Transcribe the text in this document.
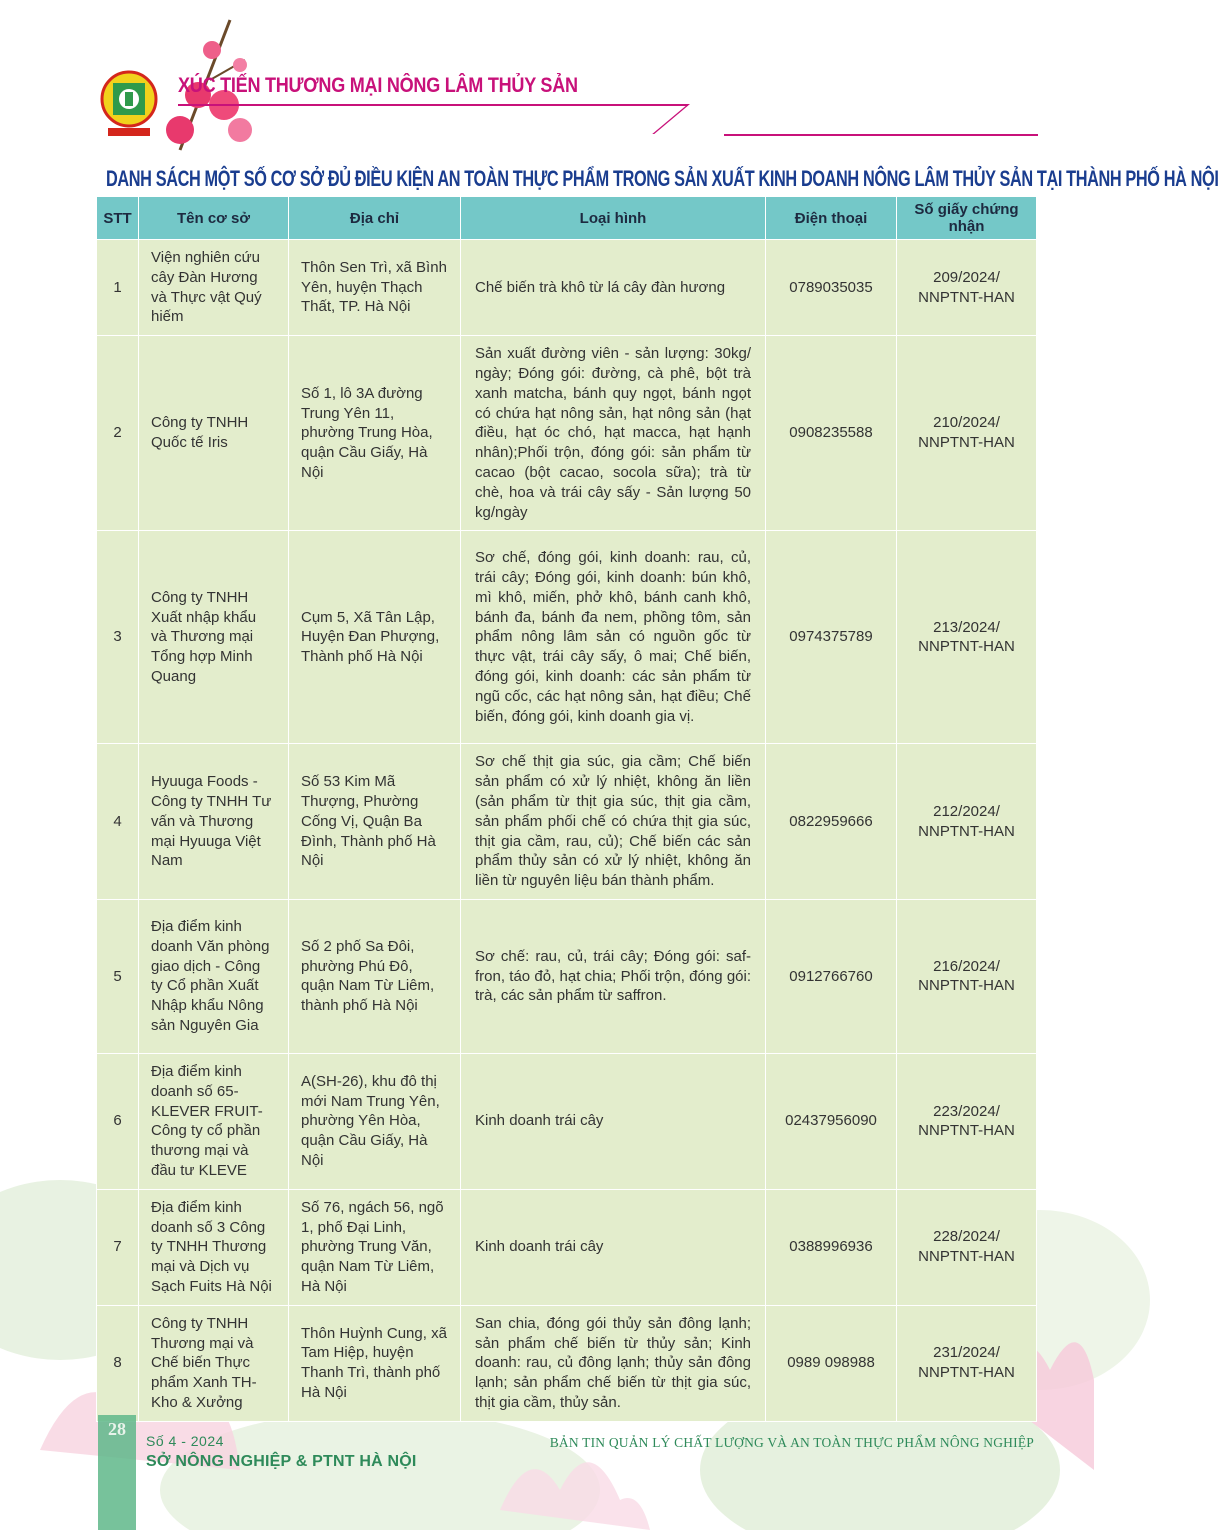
XÚC TIẾN THƯƠNG MẠI NÔNG LÂM THỦY SẢN
DANH SÁCH MỘT SỐ CƠ SỞ ĐỦ ĐIỀU KIỆN AN TOÀN THỰC PHẨM TRONG SẢN XUẤT KINH DOANH NÔNG LÂM THỦY SẢN TẠI THÀNH PHỐ HÀ NỘI
STT	Tên cơ sở	Địa chỉ	Loại hình	Điện thoại	Số giấy chứng nhận
1	Viện nghiên cứu cây Đàn Hương và Thực vật Quý hiếm	Thôn Sen Trì, xã Bình Yên, huyện Thạch Thất, TP. Hà Nội	Chế biến trà khô từ lá cây đàn hương	0789035035	209/2024/ NNPTNT-HAN
2	Công ty TNHH Quốc tế Iris	Số 1, lô 3A đường Trung Yên 11, phường Trung Hòa, quận Cầu Giấy, Hà Nội	Sản xuất đường viên - sản lượng: 30kg/ ngày; Đóng gói: đường, cà phê, bột trà xanh matcha, bánh quy ngọt, bánh ngọt có chứa hạt nông sản, hạt nông sản (hạt điều, hạt óc chó, hạt macca, hạt hạnh nhân);Phối trộn, đóng gói: sản phẩm từ cacao (bột cacao, socola sữa); trà từ chè, hoa và trái cây sấy - Sản lượng 50 kg/ngày	0908235588	210/2024/ NNPTNT-HAN
3	Công ty TNHH Xuất nhập khẩu và Thương mại Tổng hợp Minh Quang	Cụm 5, Xã Tân Lập, Huyện Đan Phượng, Thành phố Hà Nội	Sơ chế, đóng gói, kinh doanh: rau, củ, trái cây; Đóng gói, kinh doanh: bún khô, mì khô, miến, phở khô, bánh canh khô, bánh đa, bánh đa nem, phồng tôm, sản phẩm nông lâm sản có nguồn gốc từ thực vật, trái cây sấy, ô mai; Chế biến, đóng gói, kinh doanh: các sản phẩm từ ngũ cốc, các hạt nông sản, hạt điều; Chế biến, đóng gói, kinh doanh gia vị.	0974375789	213/2024/ NNPTNT-HAN
4	Hyuuga Foods - Công ty TNHH Tư vấn và Thương mại Hyuuga Việt Nam	Số 53 Kim Mã Thượng, Phường Cống Vị, Quận Ba Đình, Thành phố Hà Nội	Sơ chế thịt gia súc, gia cầm; Chế biến sản phẩm có xử lý nhiệt, không ăn liền (sản phẩm từ thịt gia súc, thịt gia cầm, sản phẩm phối chế có chứa thịt gia súc, thịt gia cầm, rau, củ); Chế biến các sản phẩm thủy sản có xử lý nhiệt, không ăn liền từ nguyên liệu bán thành phẩm.	0822959666	212/2024/ NNPTNT-HAN
5	Địa điểm kinh doanh Văn phòng giao dịch - Công ty Cổ phần Xuất Nhập khẩu Nông sản Nguyên Gia	Số 2 phố Sa Đôi, phường Phú Đô, quận Nam Từ Liêm, thành phố Hà Nội	Sơ chế: rau, củ, trái cây; Đóng gói: saf- fron, táo đỏ, hạt chia; Phối trộn, đóng gói: trà, các sản phẩm từ saffron.	0912766760	216/2024/ NNPTNT-HAN
6	Địa điểm kinh doanh số 65-KLEVER FRUIT-Công ty cổ phần thương mại và đầu tư KLEVE	A(SH-26), khu đô thị mới Nam Trung Yên, phường Yên Hòa, quận Cầu Giấy, Hà Nội	Kinh doanh trái cây	02437956090	223/2024/ NNPTNT-HAN
7	Địa điểm kinh doanh số 3 Công ty TNHH Thương mại và Dịch vụ Sạch Fuits Hà Nội	Số 76, ngách 56, ngõ 1, phố Đại Linh, phường Trung Văn, quận Nam Từ Liêm, Hà Nội	Kinh doanh trái cây	0388996936	228/2024/ NNPTNT-HAN
8	Công ty TNHH Thương mại và Chế biến Thực phẩm Xanh TH-Kho & Xưởng	Thôn Huỳnh Cung, xã Tam Hiệp, huyện Thanh Trì, thành phố Hà Nội	San chia, đóng gói thủy sản đông lạnh; sản phẩm chế biến từ thủy sản; Kinh doanh: rau, củ đông lạnh; thủy sản đông lạnh; sản phẩm chế biến từ thịt gia súc, thịt gia cầm, thủy sản.	0989 098988	231/2024/ NNPTNT-HAN
28
Số 4 - 2024
SỞ NÔNG NGHIỆP & PTNT HÀ NỘI
BẢN TIN QUẢN LÝ CHẤT LƯỢNG VÀ AN TOÀN THỰC PHẨM NÔNG NGHIỆP
